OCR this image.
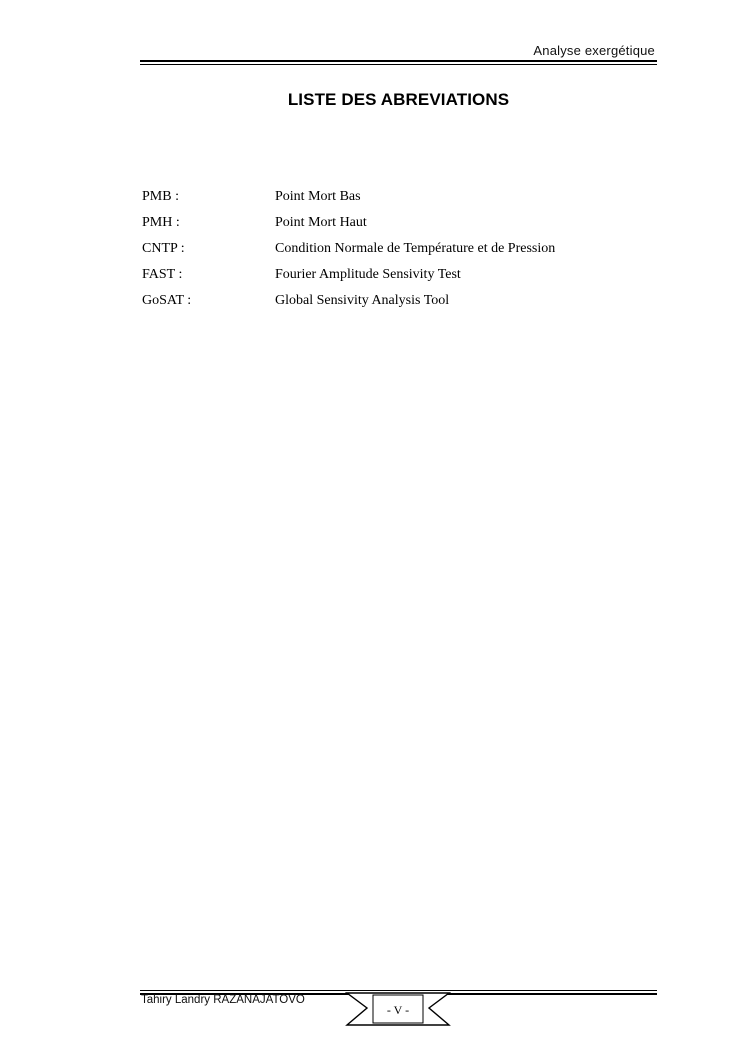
Analyse exergétique
LISTE DES ABREVIATIONS
PMB :	Point Mort Bas
PMH :	Point Mort Haut
CNTP :	Condition Normale de Température et de Pression
FAST :	Fourier Amplitude Sensivity Test
GoSAT :	Global Sensivity Analysis Tool
Tahiry Landry RAZANAJATOVO
- V -
